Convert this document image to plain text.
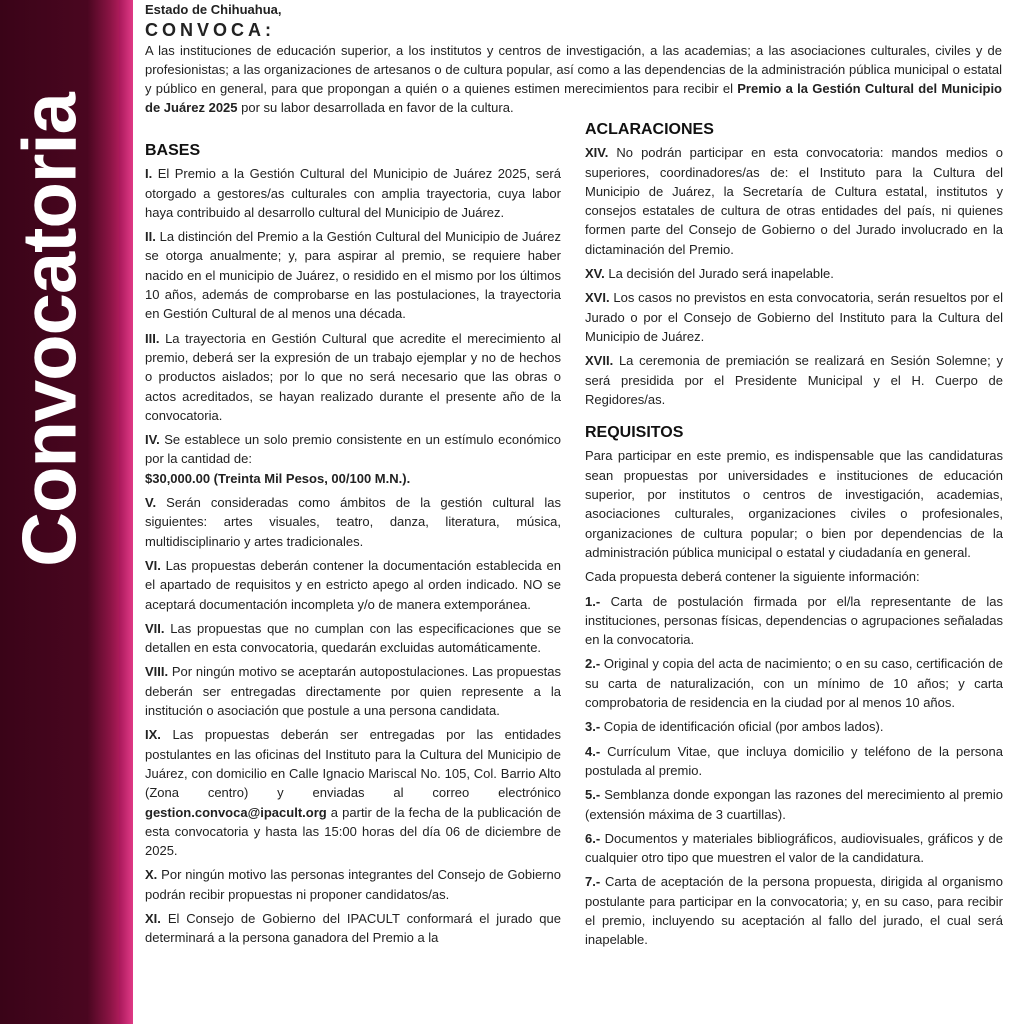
Convocatoria
Estado de Chihuahua,
CONVOCA:
A las instituciones de educación superior, a los institutos y centros de investigación, a las academias; a las asociaciones culturales, civiles y de profesionistas; a las organizaciones de artesanos o de cultura popular, así como a las dependencias de la administración pública municipal o estatal y público en general, para que propongan a quién o a quienes estimen merecimientos para recibir el Premio a la Gestión Cultural del Municipio de Juárez 2025 por su labor desarrollada en favor de la cultura.
BASES

I. El Premio a la Gestión Cultural del Municipio de Juárez 2025, será otorgado a gestores/as culturales con amplia trayectoria, cuya labor haya contribuido al desarrollo cultural del Municipio de Juárez.

II. La distinción del Premio a la Gestión Cultural del Municipio de Juárez se otorga anualmente; y, para aspirar al premio, se requiere haber nacido en el municipio de Juárez, o residido en el mismo por los últimos 10 años, además de comprobarse en las postulaciones, la trayectoria en Gestión Cultural de al menos una década.

III. La trayectoria en Gestión Cultural que acredite el merecimiento al premio, deberá ser la expresión de un trabajo ejemplar y no de hechos o productos aislados; por lo que no será necesario que las obras o actos acreditados, se hayan realizado durante el presente año de la convocatoria.

IV. Se establece un solo premio consistente en un estímulo económico por la cantidad de:
$30,000.00 (Treinta Mil Pesos, 00/100 M.N.).

V. Serán consideradas como ámbitos de la gestión cultural las siguientes: artes visuales, teatro, danza, literatura, música, multidisciplinario y artes tradicionales.

VI. Las propuestas deberán contener la documentación establecida en el apartado de requisitos y en estricto apego al orden indicado. NO se aceptará documentación incompleta y/o de manera extemporánea.

VII. Las propuestas que no cumplan con las especificaciones que se detallen en esta convocatoria, quedarán excluidas automáticamente.

VIII. Por ningún motivo se aceptarán autopostulaciones. Las propuestas deberán ser entregadas directamente por quien represente a la institución o asociación que postule a una persona candidata.

IX. Las propuestas deberán ser entregadas por las entidades postulantes en las oficinas del Instituto para la Cultura del Municipio de Juárez, con domicilio en Calle Ignacio Mariscal No. 105, Col. Barrio Alto (Zona centro) y enviadas al correo electrónico gestion.convoca@ipacult.org a partir de la fecha de la publicación de esta convocatoria y hasta las 15:00 horas del día 06 de diciembre de 2025.

X. Por ningún motivo las personas integrantes del Consejo de Gobierno podrán recibir propuestas ni proponer candidatos/as.

XI. El Consejo de Gobierno del IPACULT conformará el jurado que determinará a la persona ganadora del Premio a la

ACLARACIONES

XIV. No podrán participar en esta convocatoria: mandos medios o superiores, coordinadores/as de: el Instituto para la Cultura del Municipio de Juárez, la Secretaría de Cultura estatal, institutos y consejos estatales de cultura de otras entidades del país, ni quienes formen parte del Consejo de Gobierno o del Jurado involucrado en la dictaminación del Premio.

XV. La decisión del Jurado será inapelable.

XVI. Los casos no previstos en esta convocatoria, serán resueltos por el Jurado o por el Consejo de Gobierno del Instituto para la Cultura del Municipio de Juárez.

XVII. La ceremonia de premiación se realizará en Sesión Solemne; y será presidida por el Presidente Municipal y el H. Cuerpo de Regidores/as.

REQUISITOS

Para participar en este premio, es indispensable que las candidaturas sean propuestas por universidades e instituciones de educación superior, por institutos o centros de investigación, academias, asociaciones culturales, organizaciones civiles o profesionales, organizaciones de cultura popular; o bien por dependencias de la administración pública municipal o estatal y ciudadanía en general.

Cada propuesta deberá contener la siguiente información:

1.- Carta de postulación firmada por el/la representante de las instituciones, personas físicas, dependencias o agrupaciones señaladas en la convocatoria.

2.- Original y copia del acta de nacimiento; o en su caso, certificación de su carta de naturalización, con un mínimo de 10 años; y carta comprobatoria de residencia en la ciudad por al menos 10 años.

3.- Copia de identificación oficial (por ambos lados).

4.- Currículum Vitae, que incluya domicilio y teléfono de la persona postulada al premio.

5.- Semblanza donde expongan las razones del merecimiento al premio (extensión máxima de 3 cuartillas).

6.- Documentos y materiales bibliográficos, audiovisuales, gráficos y de cualquier otro tipo que muestren el valor de la candidatura.

7.- Carta de aceptación de la persona propuesta, dirigida al organismo postulante para participar en la convocatoria; y, en su caso, para recibir el premio, incluyendo su aceptación al fallo del jurado, el cual será inapelable.
